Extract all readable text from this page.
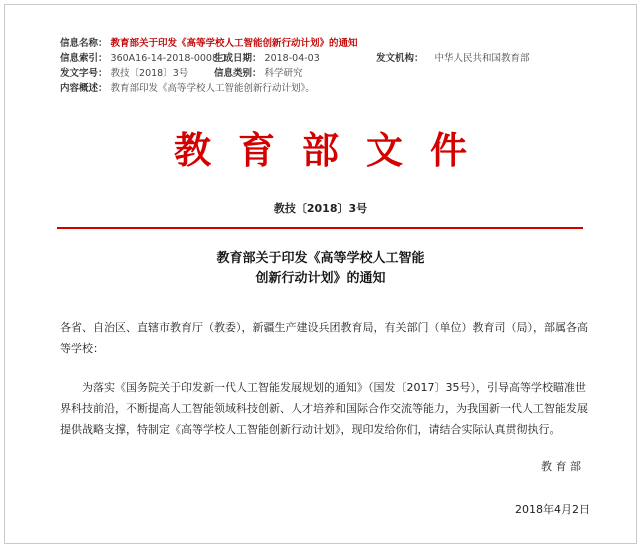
信息名称： 教育部关于印发《高等学校人工智能创新行动计划》的通知
信息索引： 360A16-14-2018-0008-1
生成日期： 2018-04-03	发文机构： 中华人民共和国教育部
发文字号： 教技〔2018〕3号	信息类别： 科学研究
内容概述： 教育部印发《高等学校人工智能创新行动计划》。
教育部文件
教技〔2018〕3号
教育部关于印发《高等学校人工智能
创新行动计划》的通知
各省、自治区、直辖市教育厅（教委），新疆生产建设兵团教育局，有关部门（单位）教育司（局），部属各高等学校：
为落实《国务院关于印发新一代人工智能发展规划的通知》（国发〔2017〕35号），引导高等学校瞄准世界科技前沿，不断提高人工智能领域科技创新、人才培养和国际合作交流等能力，为我国新一代人工智能发展提供战略支撑，特制定《高等学校人工智能创新行动计划》，现印发给你们，请结合实际认真贯彻执行。
教 育 部
2018年4月2日
